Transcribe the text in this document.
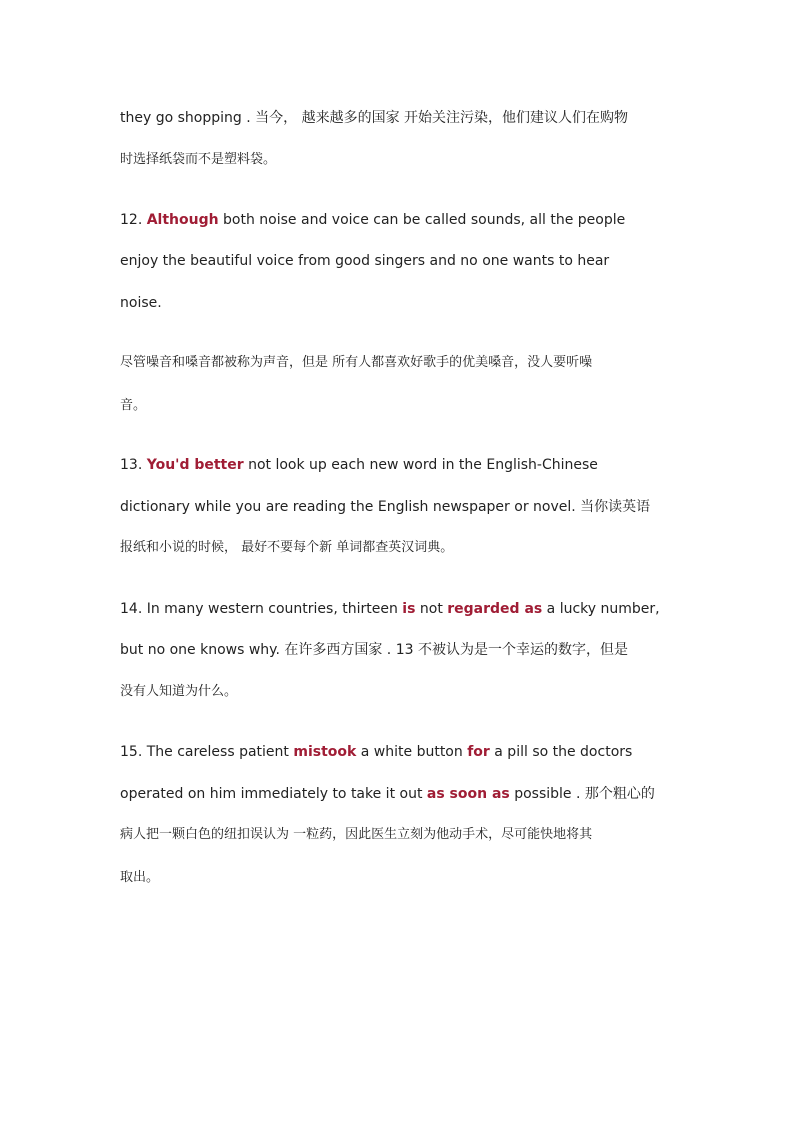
they go shopping . 当今， 越来越多的国家 开始关注污染，他们建议人们在购物
时选择纸袋而不是塑料袋。
12. Although both noise and voice can be called sounds, all the people
enjoy the beautiful voice from good singers and no one wants to hear
noise.
尽管噪音和嗓音都被称为声音，但是 所有人都喜欢好歌手的优美嗓音，没人要听噪
音。
13. You'd better not look up each new word in the English-Chinese
dictionary while you are reading the English newspaper or novel. 当你读英语
报纸和小说的时候， 最好不要每个新 单词都查英汉词典。
14. In many western countries, thirteen is not regarded as a lucky number,
but no one knows why. 在许多西方国家 . 13 不被认为是一个幸运的数字，但是
没有人知道为什么。
15. The careless patient mistook a white button for a pill so the doctors
operated on him immediately to take it out as soon as possible . 那个粗心的
病人把一颗白色的纽扣误认为 一粒药，因此医生立刻为他动手术，尽可能快地将其
取出。
